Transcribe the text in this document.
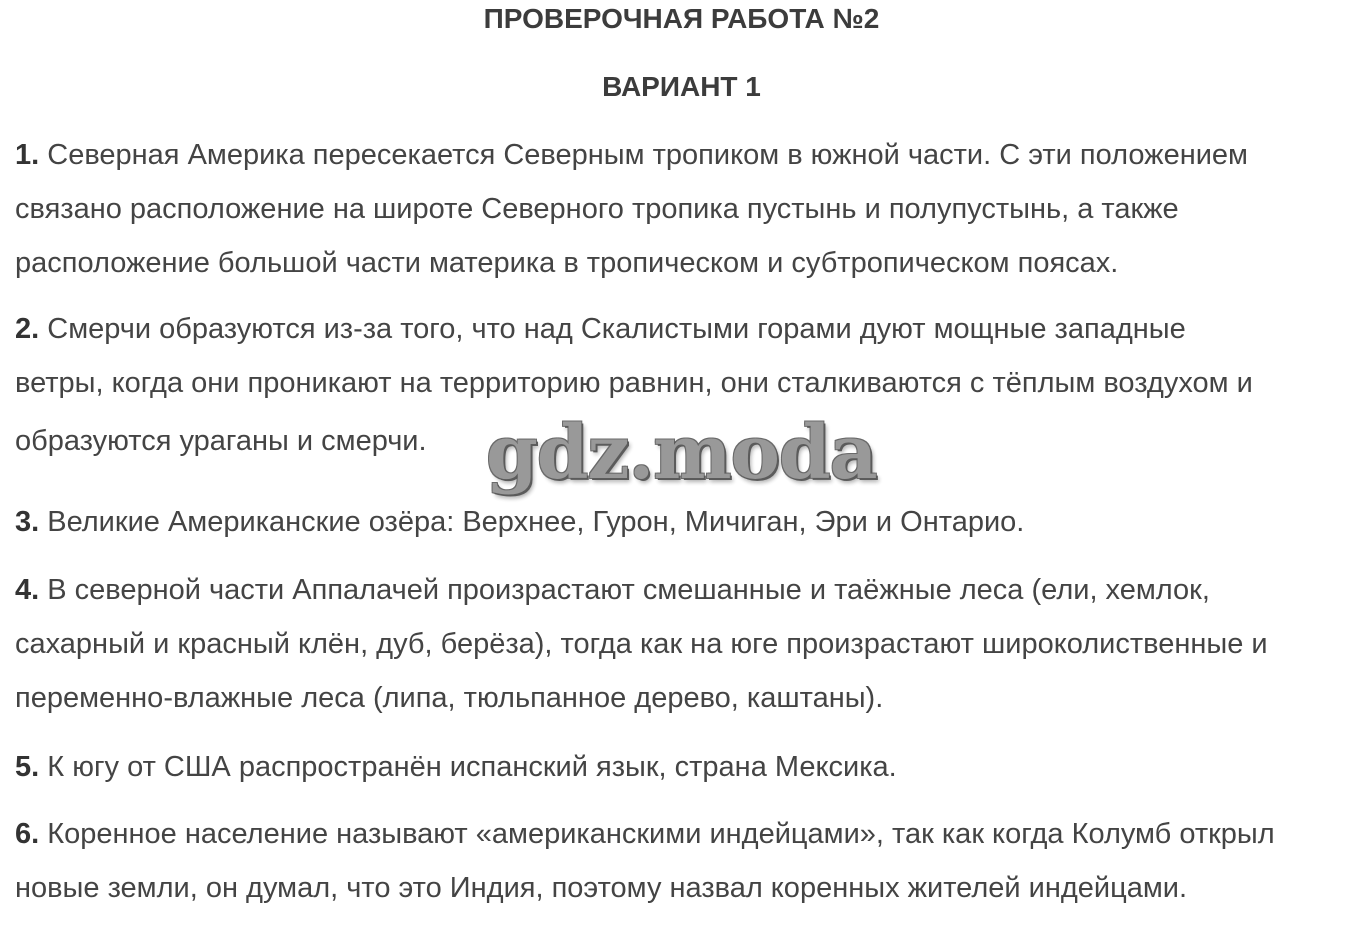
ПРОВЕРОЧНАЯ РАБОТА №2
ВАРИАНТ 1
1. Северная Америка пересекается Северным тропиком в южной части. С эти положением
связано расположение на широте Северного тропика пустынь и полупустынь, а также
расположение большой части материка в тропическом и субтропическом поясах.
2. Смерчи образуются из-за того, что над Скалистыми горами дуют мощные западные
ветры, когда они проникают на территорию равнин, они сталкиваются с тёплым воздухом и
образуются ураганы и смерчи.
3. Великие Американские озёра: Верхнее, Гурон, Мичиган, Эри и Онтарио.
4. В северной части Аппалачей произрастают смешанные и таёжные леса (ели, хемлок,
сахарный и красный клён, дуб, берёза), тогда как на юге произрастают широколиственные и
переменно-влажные леса (липа, тюльпанное дерево, каштаны).
5. К югу от США распространён испанский язык, страна Мексика.
6. Коренное население называют «американскими индейцами», так как когда Колумб открыл
новые земли, он думал, что это Индия, поэтому назвал коренных жителей индейцами.
gdz.moda
